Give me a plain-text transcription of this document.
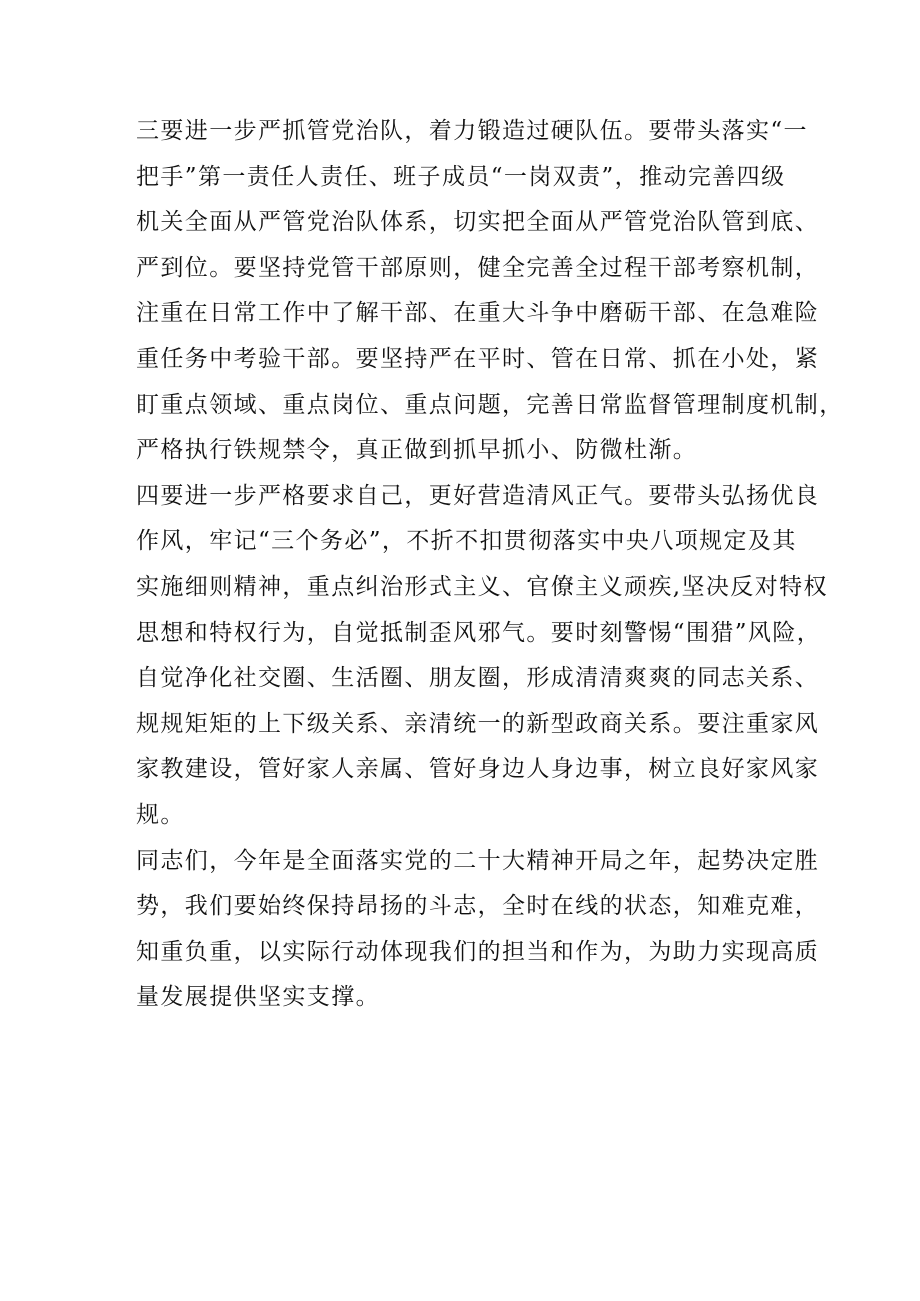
三要进一步严抓管党治队，着力锻造过硬队伍。要带头落实“一
把手”第一责任人责任、班子成员“一岗双责”，推动完善四级
机关全面从严管党治队体系，切实把全面从严管党治队管到底、
严到位。要坚持党管干部原则，健全完善全过程干部考察机制，
注重在日常工作中了解干部、在重大斗争中磨砺干部、在急难险
重任务中考验干部。要坚持严在平时、管在日常、抓在小处，紧
盯重点领域、重点岗位、重点问题，完善日常监督管理制度机制，
严格执行铁规禁令，真正做到抓早抓小、防微杜渐。
四要进一步严格要求自己，更好营造清风正气。要带头弘扬优良
作风，牢记“三个务必”，不折不扣贯彻落实中央八项规定及其
实施细则精神，重点纠治形式主义、官僚主义顽疾,坚决反对特权
思想和特权行为，自觉抵制歪风邪气。要时刻警惕“围猎”风险，
自觉净化社交圈、生活圈、朋友圈，形成清清爽爽的同志关系、
规规矩矩的上下级关系、亲清统一的新型政商关系。要注重家风
家教建设，管好家人亲属、管好身边人身边事，树立良好家风家
规。
同志们，今年是全面落实党的二十大精神开局之年，起势决定胜
势，我们要始终保持昂扬的斗志，全时在线的状态，知难克难，
知重负重，以实际行动体现我们的担当和作为，为助力实现高质
量发展提供坚实支撑。
